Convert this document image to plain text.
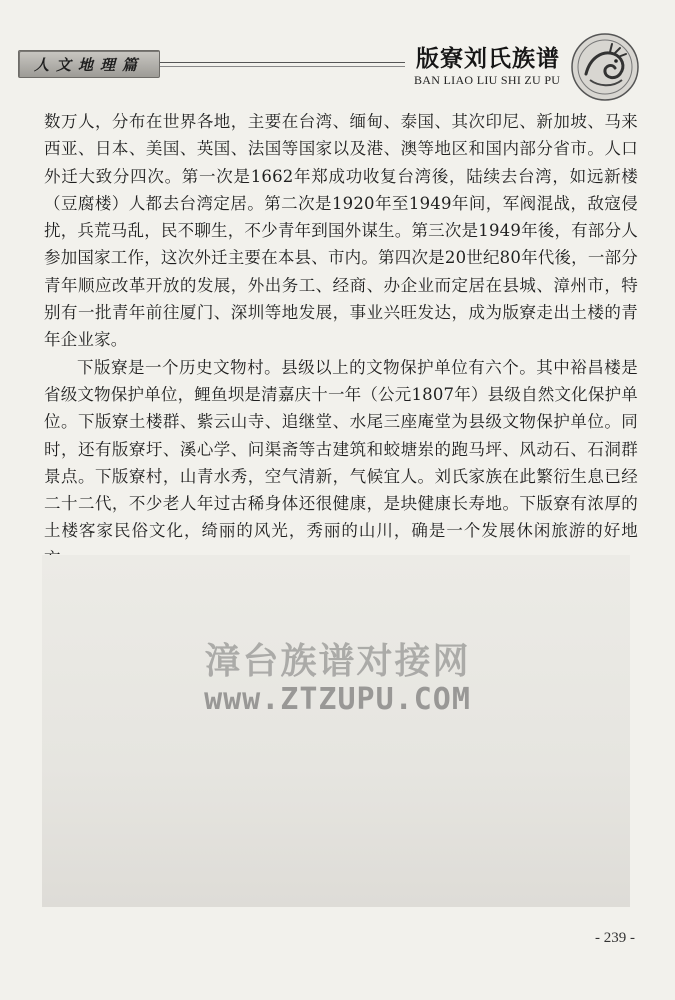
人文地理篇	版寮刘氏族谱
BAN LIAO LIU SHI ZU PU

数万人，分布在世界各地，主要在台湾、缅甸、泰国、其次印尼、新加坡、马来西亚、日本、美国、英国、法国等国家以及港、澳等地区和国内部分省市。人口外迁大致分四次。第一次是1662年郑成功收复台湾後，陆续去台湾，如远新楼（豆腐楼）人都去台湾定居。第二次是1920年至1949年间，军阀混战，敌寇侵扰，兵荒马乱，民不聊生，不少青年到国外谋生。第三次是1949年後，有部分人参加国家工作，这次外迁主要在本县、市内。第四次是20世纪80年代後，一部分青年顺应改革开放的发展，外出务工、经商、办企业而定居在县城、漳州市，特别有一批青年前往厦门、深圳等地发展，事业兴旺发达，成为版寮走出土楼的青年企业家。

下版寮是一个历史文物村。县级以上的文物保护单位有六个。其中裕昌楼是省级文物保护单位，鲤鱼坝是清嘉庆十一年（公元1807年）县级自然文化保护单位。下版寮土楼群、紫云山寺、追继堂、水尾三座庵堂为县级文物保护单位。同时，还有版寮圩、溪心学、问渠斋等古建筑和蛟塘岽的跑马坪、风动石、石洞群景点。下版寮村，山青水秀，空气清新，气候宜人。刘氏家族在此繁衍生息已经二十二代，不少老人年过古稀身体还很健康，是块健康长寿地。下版寮有浓厚的土楼客家民俗文化，绮丽的风光，秀丽的山川，确是一个发展休闲旅游的好地

漳台族谱对接网
www.ZTZUPU.COM
- 239 -
